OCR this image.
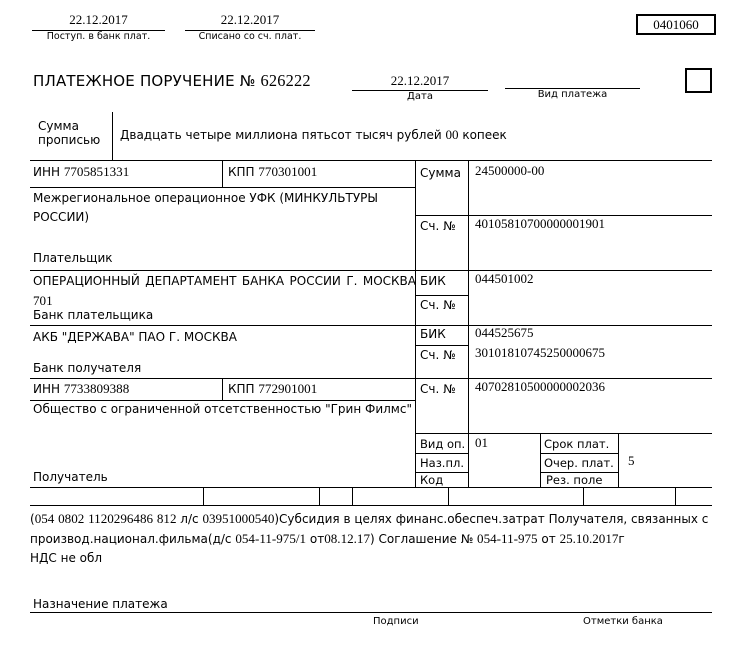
22.12.2017
Поступ. в банк плат.
22.12.2017
Списано со сч. плат.
0401060
ПЛАТЕЖНОЕ ПОРУЧЕНИЕ № 626222	22.12.2017
Дата	Вид платежа
Сумма прописью	Двадцать четыре миллиона пятьсот тысяч рублей 00 копеек
ИНН 7705851331	КПП 770301001	Сумма 24500000-00
Межрегиональное операционное УФК (МИНКУЛЬТУРЫ РОССИИ)
Плательщик
Сч. № 40105810700000001901
ОПЕРАЦИОННЫЙ ДЕПАРТАМЕНТ БАНКА РОССИИ Г. МОСКВА 701
Банк плательщика
БИК 044501002
Сч. №
АКБ "ДЕРЖАВА" ПАО Г. МОСКВА
Банк получателя
БИК 044525675
Сч. № 30101810745250000675
ИНН 7733809388	КПП 772901001	Сч. № 40702810500000002036
Общество с ограниченной отсетственностью "Грин Филмс"
Получатель
Вид оп. 01
Наз.пл.
Код
Срок плат.
Очер. плат. 5
Рез. поле
(054 0802 1120296486 812 л/с 03951000540)Субсидия в целях финанс.обеспеч.затрат Получателя, связанных с
производ.национал.фильма(д/с 054-11-975/1 от08.12.17) Соглашение № 054-11-975 от 25.10.2017г
НДС не обл
Назначение платежа
Подписи	Отметки банка
